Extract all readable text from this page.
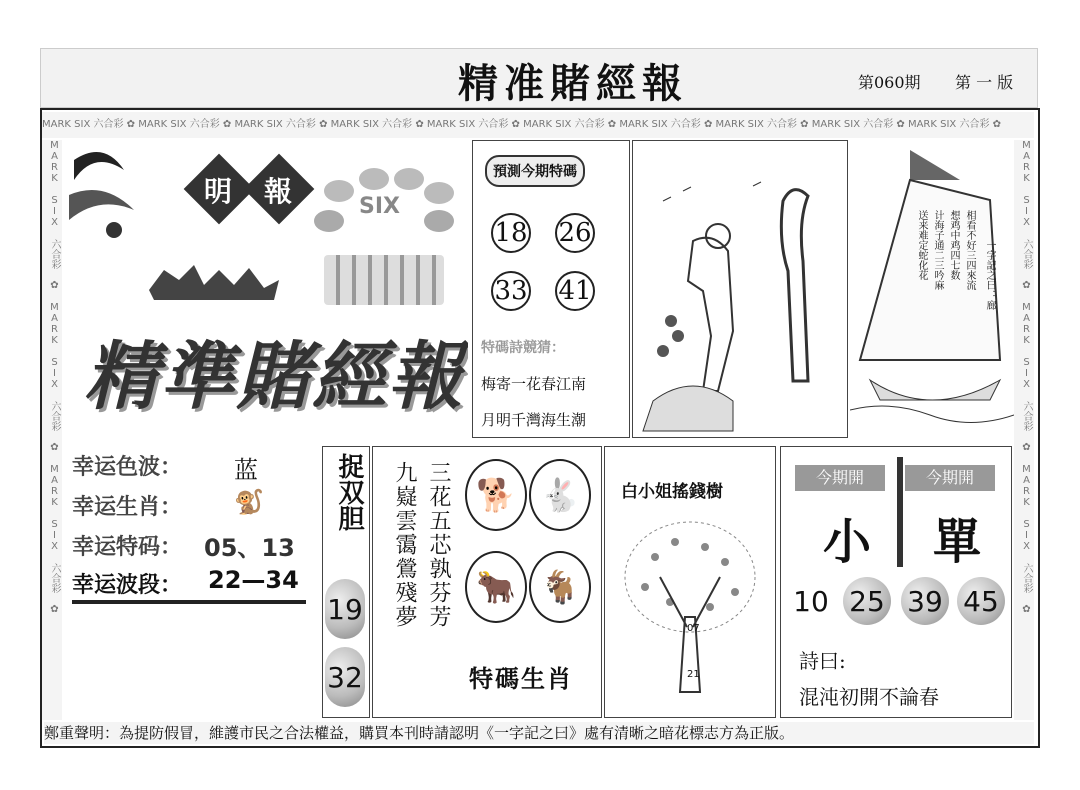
精准賭經報	第060期 第 一 版
MARK SIX 六合彩 ✿ MARK SIX 六合彩 ✿ MARK SIX 六合彩 ✿ MARK SIX 六合彩 ✿ MARK SIX 六合彩 ✿ MARK SIX 六合彩 ✿ MARK SIX 六合彩 ✿ MARK SIX 六合彩 ✿ MARK SIX 六合彩 ✿ MARK SIX 六合彩 ✿
MARK SIX 六合彩 ✿ MARK SIX 六合彩 ✿ MARK SIX 六合彩 ✿	MARK SIX 六合彩 ✿ MARK SIX 六合彩 ✿ MARK SIX 六合彩 ✿
明 報	SIX
精準賭經報
預測今期特碼
18 26
33 41
特碼詩競猜：
梅寄一花春江南
月明千灣海生潮
相看不好三四來流
想鸡中鸡四七数
计海子通二三吟麻
送来难定蛇化花	一字記之曰：廊
幸运色波： 蓝
幸运生肖： 🐒
幸运特码： 05、13
幸运波段： 22—34
捉双胆
19
32
三花五芯孰芬芳
九嶷雲霭鶯殘夢	🐕 🐇
🐂 🐐
特碼生肖
白小姐搖錢樹
07
21
今期開	今期開
小 單
10 25 39 45
詩曰:
混沌初開不論春
鄭重聲明：為提防假冒，維護市民之合法權益，購買本刊時請認明《一字記之曰》處有清晰之暗花標志方為正版。
